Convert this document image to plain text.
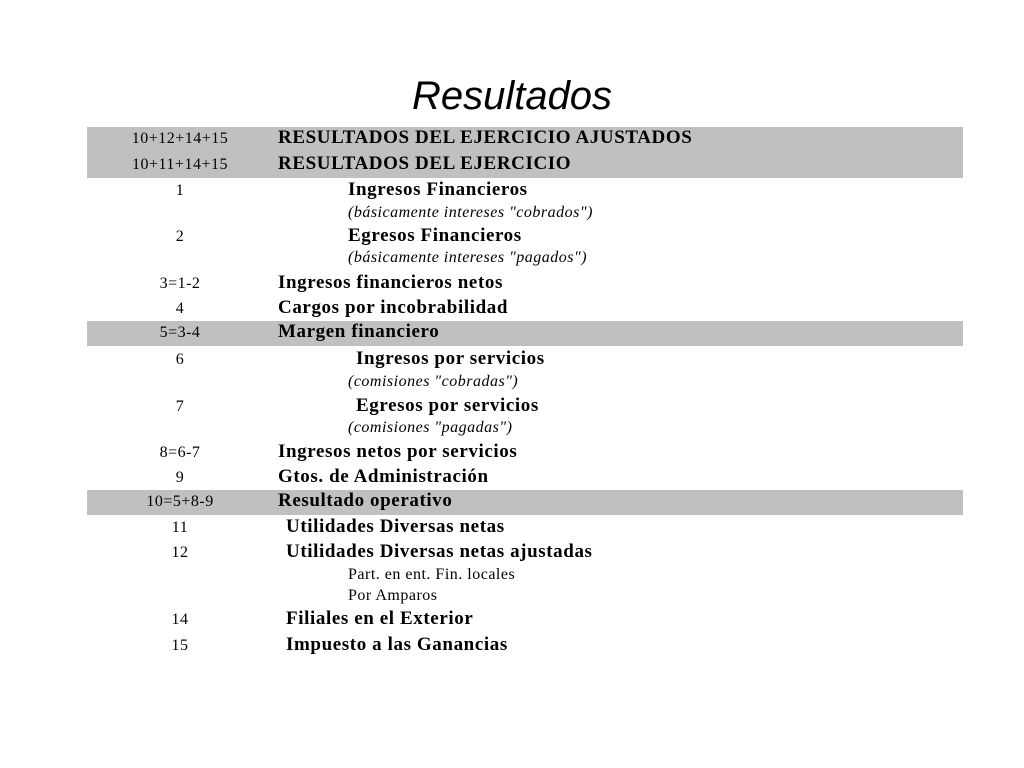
Resultados
10+12+14+15	RESULTADOS DEL EJERCICIO AJUSTADOS
10+11+14+15	RESULTADOS DEL EJERCICIO
1	Ingresos Financieros
(básicamente intereses "cobrados")
2	Egresos Financieros
(básicamente intereses "pagados")
3=1-2	Ingresos financieros netos
4	Cargos por incobrabilidad
5=3-4	Margen financiero
6	Ingresos por servicios
(comisiones "cobradas")
7	Egresos por servicios
(comisiones "pagadas")
8=6-7	Ingresos netos por servicios
9	Gtos. de Administración
10=5+8-9	Resultado operativo
11	Utilidades Diversas netas
12	Utilidades Diversas netas ajustadas
Part. en ent. Fin. locales
Por Amparos
14	Filiales en el Exterior
15	Impuesto a las Ganancias
